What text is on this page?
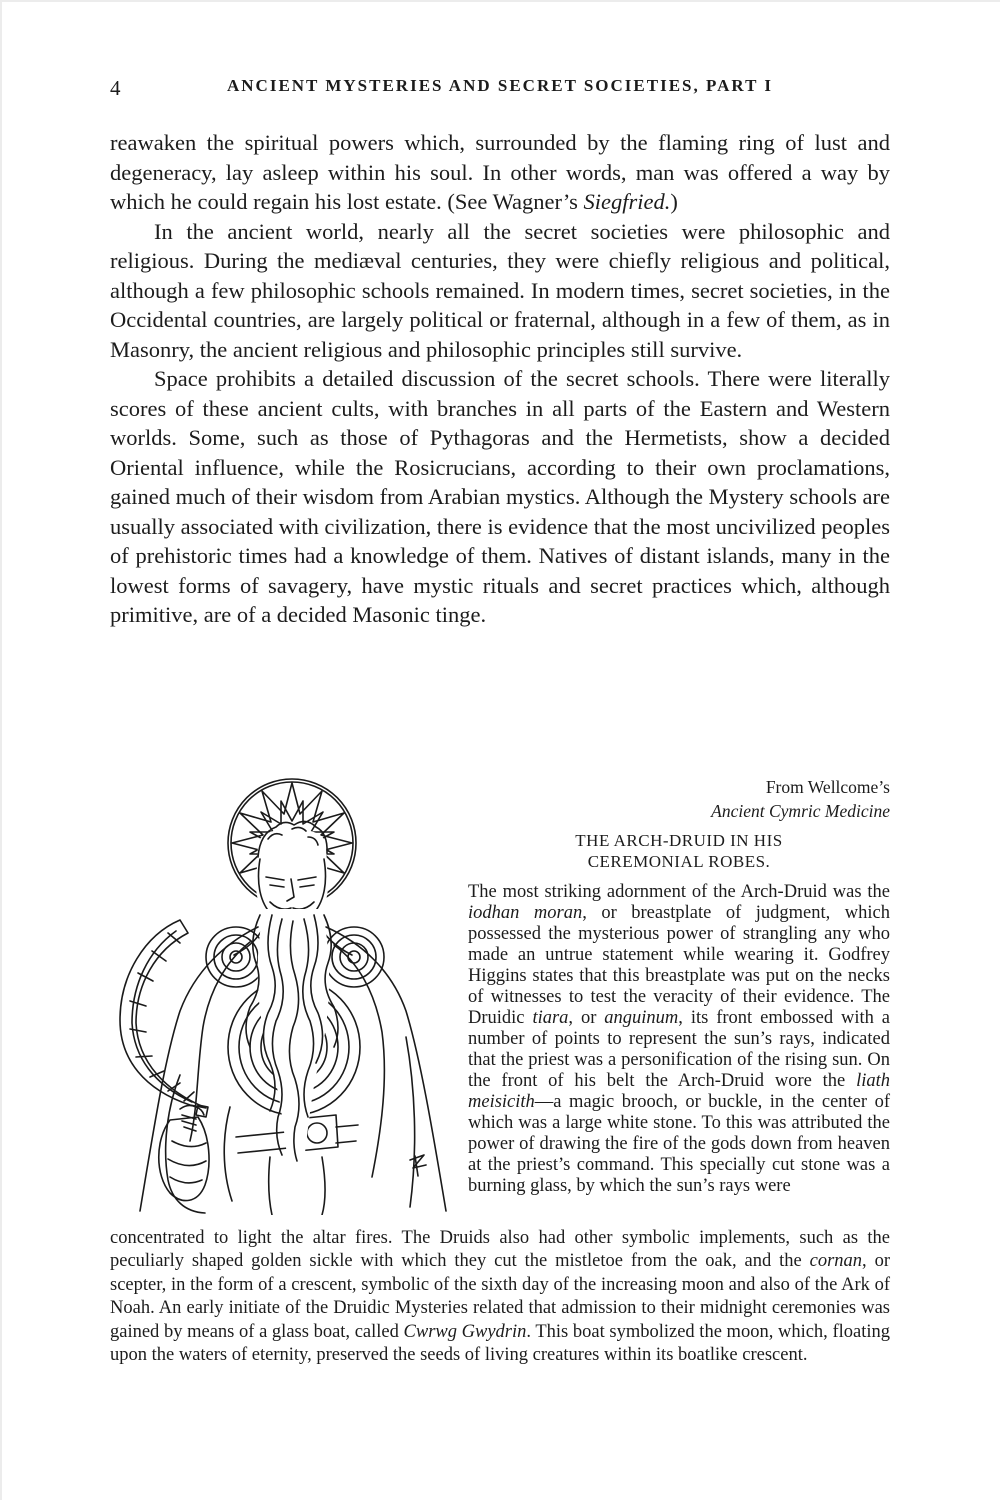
4	ANCIENT MYSTERIES AND SECRET SOCIETIES, PART I

reawaken the spiritual powers which, surrounded by the flaming ring of lust and degeneracy, lay asleep within his soul. In other words, man was offered a way by which he could regain his lost estate. (See Wagner’s Siegfried.)

In the ancient world, nearly all the secret societies were philosophic and religious. During the mediæval centuries, they were chiefly religious and political, although a few philosophic schools remained. In modern times, secret societies, in the Occidental countries, are largely political or fraternal, although in a few of them, as in Masonry, the ancient religious and philosophic principles still survive.

Space prohibits a detailed discussion of the secret schools. There were literally scores of these ancient cults, with branches in all parts of the Eastern and Western worlds. Some, such as those of Pythagoras and the Hermetists, show a decided Oriental influence, while the Rosicrucians, according to their own proclamations, gained much of their wisdom from Arabian mystics. Although the Mystery schools are usually associated with civilization, there is evidence that the most uncivilized peoples of prehistoric times had a knowledge of them. Natives of distant islands, many in the lowest forms of savagery, have mystic rituals and secret practices which, although primitive, are of a decided Masonic tinge.

From Wellcome’s
Ancient Cymric Medicine
THE ARCH-DRUID IN HIS
CEREMONIAL ROBES.

The most striking adornment of the Arch-Druid was the iodhan moran, or breastplate of judgment, which possessed the mysterious power of strangling any who made an untrue statement while wearing it. Godfrey Higgins states that this breastplate was put on the necks of witnesses to test the veracity of their evidence. The Druidic tiara, or anguinum, its front embossed with a number of points to represent the sun’s rays, indicated that the priest was a personification of the rising sun. On the front of his belt the Arch-Druid wore the liath meisicith—a magic brooch, or buckle, in the center of which was a large white stone. To this was attributed the power of drawing the fire of the gods down from heaven at the priest’s command. This specially cut stone was a burning glass, by which the sun’s rays were

concentrated to light the altar fires. The Druids also had other symbolic implements, such as the peculiarly shaped golden sickle with which they cut the mistletoe from the oak, and the cornan, or scepter, in the form of a crescent, symbolic of the sixth day of the increasing moon and also of the Ark of Noah. An early initiate of the Druidic Mysteries related that admission to their midnight ceremonies was gained by means of a glass boat, called Cwrwg Gwydrin. This boat symbolized the moon, which, floating upon the waters of eternity, preserved the seeds of living creatures within its boatlike crescent.
